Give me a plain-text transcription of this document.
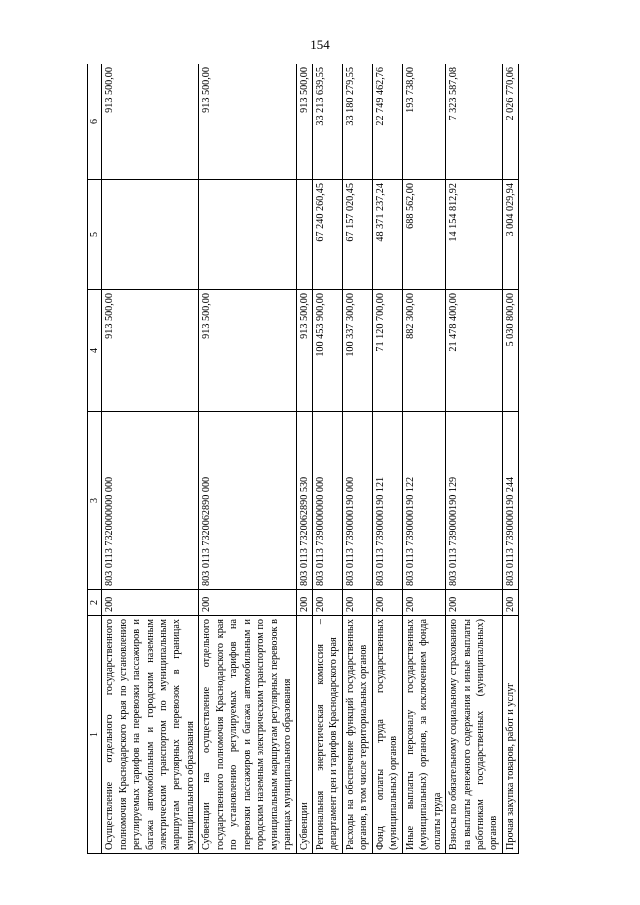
154
1	2	3	4	5	6
Осуществление отдельного государственного полномочия Краснодарского края по установлению регулируемых тарифов на перевозки пассажиров и багажа автомобильным и городским наземным электрическим транспортом по муниципальным маршрутам регулярных перевозок в границах муниципального образования	200	803 0113 7320000000 000	913 500,00		913 500,00
Субвенции на осуществление отдельного государственного полномочия Краснодарского края по установлению регулируемых тарифов на перевозки пассажиров и багажа автомобильным и городским наземным электрическим транспортом по муниципальным маршрутам регулярных перевозок в границах муниципального образования	200	803 0113 7320062890 000	913 500,00		913 500,00
Субвенции	200	803 0113 7320062890 530	913 500,00		913 500,00
Региональная энергетическая комиссия – департамент цен и тарифов Краснодарского края	200	803 0113 7390000000 000	100 453 900,00	67 240 260,45	33 213 639,55
Расходы на обеспечение функций государственных органов, в том числе территориальных органов	200	803 0113 7390000190 000	100 337 300,00	67 157 020,45	33 180 279,55
Фонд оплаты труда государственных (муниципальных) органов	200	803 0113 7390000190 121	71 120 700,00	48 371 237,24	22 749 462,76
Иные выплаты персоналу государственных (муниципальных) органов, за исключением фонда оплаты труда	200	803 0113 7390000190 122	882 300,00	688 562,00	193 738,00
Взносы по обязательному социальному страхованию на выплаты денежного содержания и иные выплаты работникам государственных (муниципальных) органов	200	803 0113 7390000190 129	21 478 400,00	14 154 812,92	7 323 587,08
Прочая закупка товаров, работ и услуг	200	803 0113 7390000190 244	5 030 800,00	3 004 029,94	2 026 770,06
